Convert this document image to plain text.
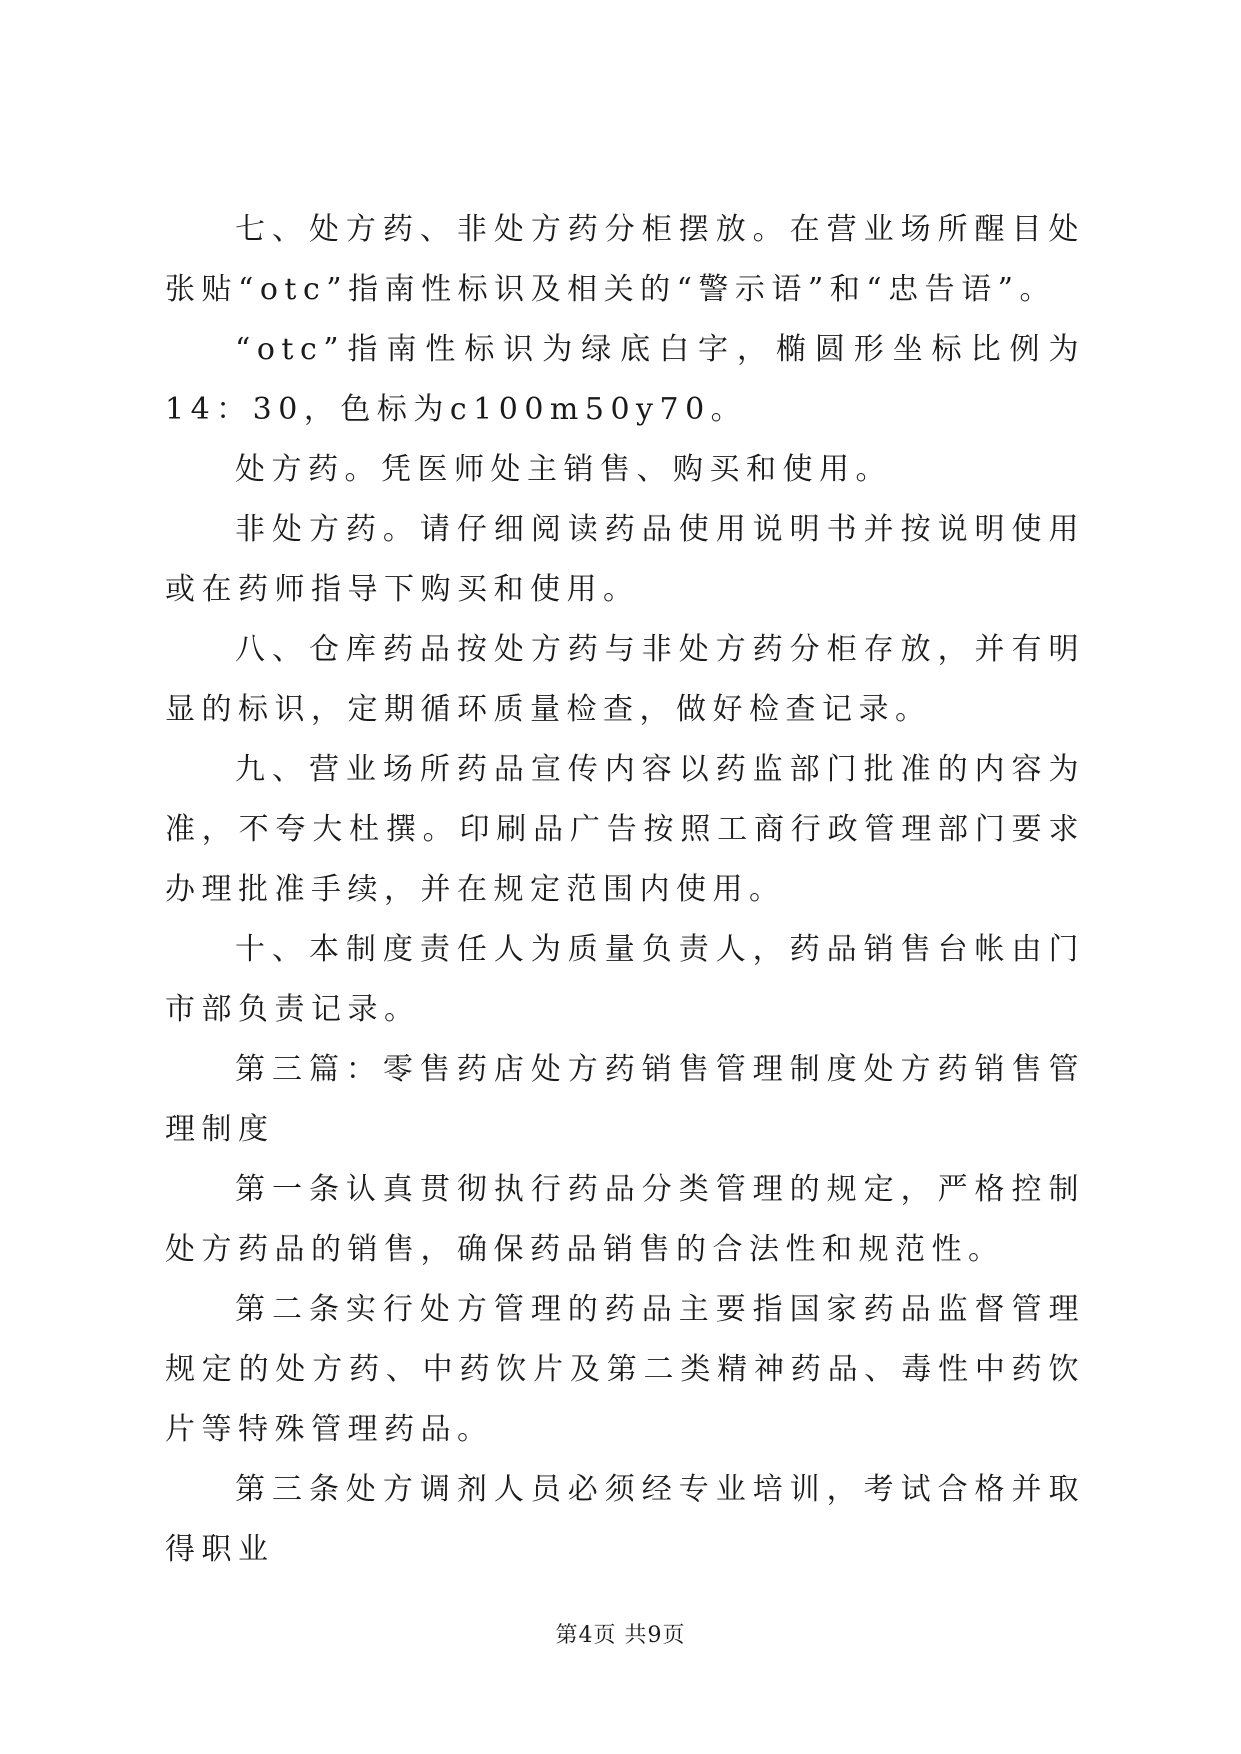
七、处方药、非处方药分柜摆放。在营业场所醒目处张贴“otc”指南性标识及相关的“警示语”和“忠告语”。

“otc”指南性标识为绿底白字，椭圆形坐标比例为14：30，色标为c100m50y70。

处方药。凭医师处主销售、购买和使用。

非处方药。请仔细阅读药品使用说明书并按说明使用或在药师指导下购买和使用。

八、仓库药品按处方药与非处方药分柜存放，并有明显的标识，定期循环质量检查，做好检查记录。

九、营业场所药品宣传内容以药监部门批准的内容为准，不夸大杜撰。印刷品广告按照工商行政管理部门要求办理批准手续，并在规定范围内使用。

十、本制度责任人为质量负责人，药品销售台帐由门市部负责记录。

第三篇：零售药店处方药销售管理制度处方药销售管理制度

第一条认真贯彻执行药品分类管理的规定，严格控制处方药品的销售，确保药品销售的合法性和规范性。

第二条实行处方管理的药品主要指国家药品监督管理规定的处方药、中药饮片及第二类精神药品、毒性中药饮片等特殊管理药品。

第三条处方调剂人员必须经专业培训，考试合格并取得职业

第4页 共9页
